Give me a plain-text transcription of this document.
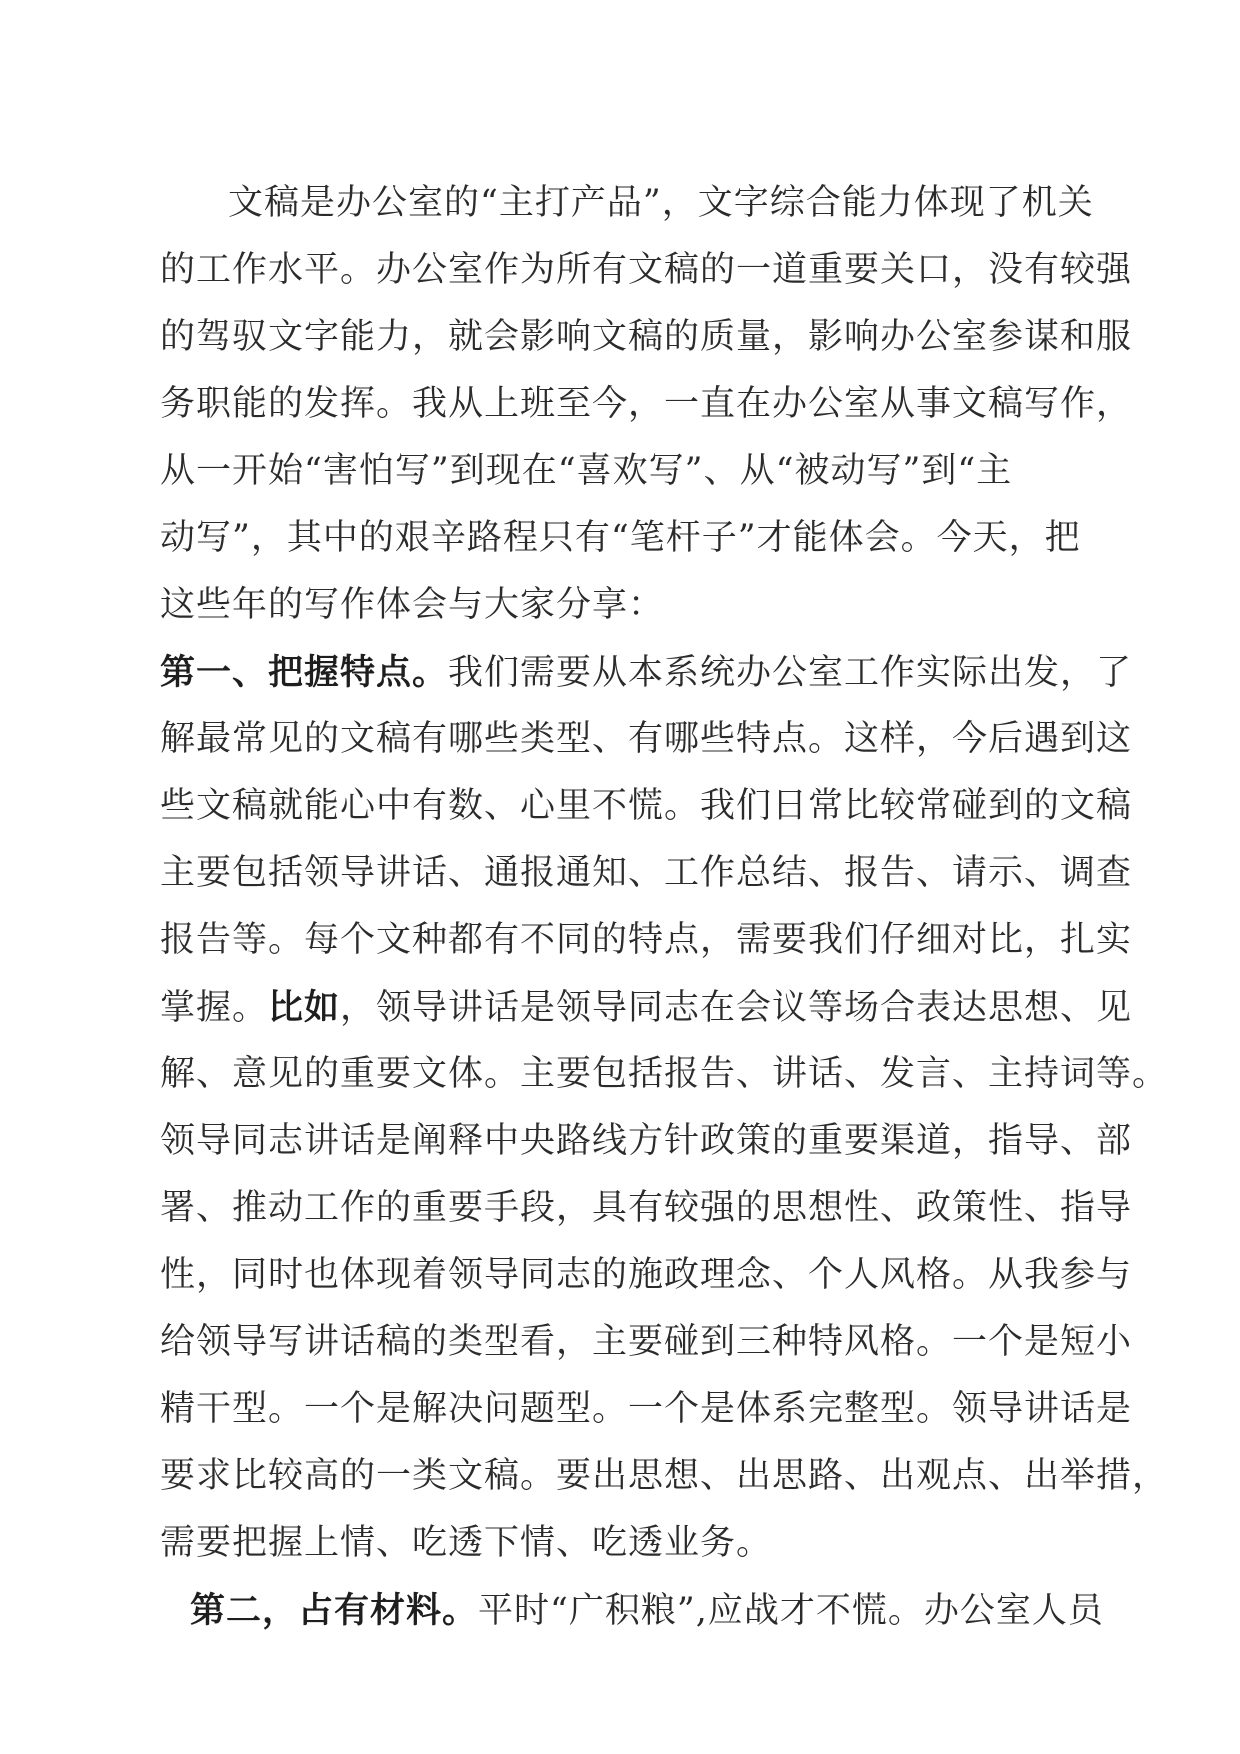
文稿是办公室的“主打产品”，文字综合能力体现了机关
的工作水平。办公室作为所有文稿的一道重要关口，没有较强
的驾驭文字能力，就会影响文稿的质量，影响办公室参谋和服
务职能的发挥。我从上班至今，一直在办公室从事文稿写作，
从一开始“害怕写”到现在“喜欢写”、从“被动写”到“主
动写”，其中的艰辛路程只有“笔杆子”才能体会。今天，把
这些年的写作体会与大家分享：
第一、把握特点。我们需要从本系统办公室工作实际出发，了
解最常见的文稿有哪些类型、有哪些特点。这样，今后遇到这
些文稿就能心中有数、心里不慌。我们日常比较常碰到的文稿
主要包括领导讲话、通报通知、工作总结、报告、请示、调查
报告等。每个文种都有不同的特点，需要我们仔细对比，扎实
掌握。比如，领导讲话是领导同志在会议等场合表达思想、见
解、意见的重要文体。主要包括报告、讲话、发言、主持词等。
领导同志讲话是阐释中央路线方针政策的重要渠道，指导、部
署、推动工作的重要手段，具有较强的思想性、政策性、指导
性，同时也体现着领导同志的施政理念、个人风格。从我参与
给领导写讲话稿的类型看，主要碰到三种特风格。一个是短小
精干型。一个是解决问题型。一个是体系完整型。领导讲话是
要求比较高的一类文稿。要出思想、出思路、出观点、出举措，
需要把握上情、吃透下情、吃透业务。
第二，占有材料。平时“广积粮”,应战才不慌。办公室人员
